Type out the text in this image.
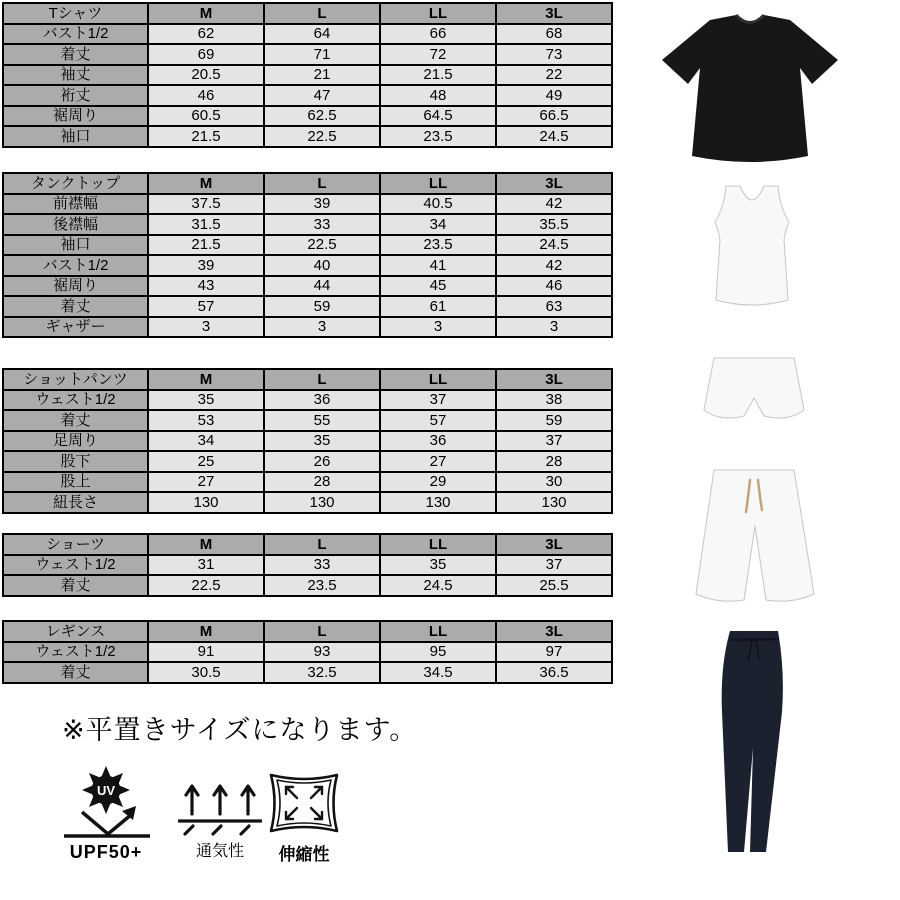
Tシャツ	M	L	LL	3L
バスト1/2	62	64	66	68
着丈	69	71	72	73
袖丈	20.5	21	21.5	22
裄丈	46	47	48	49
裾周り	60.5	62.5	64.5	66.5
袖口	21.5	22.5	23.5	24.5
タンクトップ	M	L	LL	3L
前襟幅	37.5	39	40.5	42
後襟幅	31.5	33	34	35.5
袖口	21.5	22.5	23.5	24.5
バスト1/2	39	40	41	42
裾周り	43	44	45	46
着丈	57	59	61	63
ギャザー	3	3	3	3
ショットパンツ	M	L	LL	3L
ウェスト1/2	35	36	37	38
着丈	53	55	57	59
足周り	34	35	36	37
股下	25	26	27	28
股上	27	28	29	30
紐長さ	130	130	130	130
ショーツ	M	L	LL	3L
ウェスト1/2	31	33	35	37
着丈	22.5	23.5	24.5	25.5
レギンス	M	L	LL	3L
ウェスト1/2	91	93	95	97
着丈	30.5	32.5	34.5	36.5
※平置きサイズになります。
UV
UPF50+	通気性	伸縮性
